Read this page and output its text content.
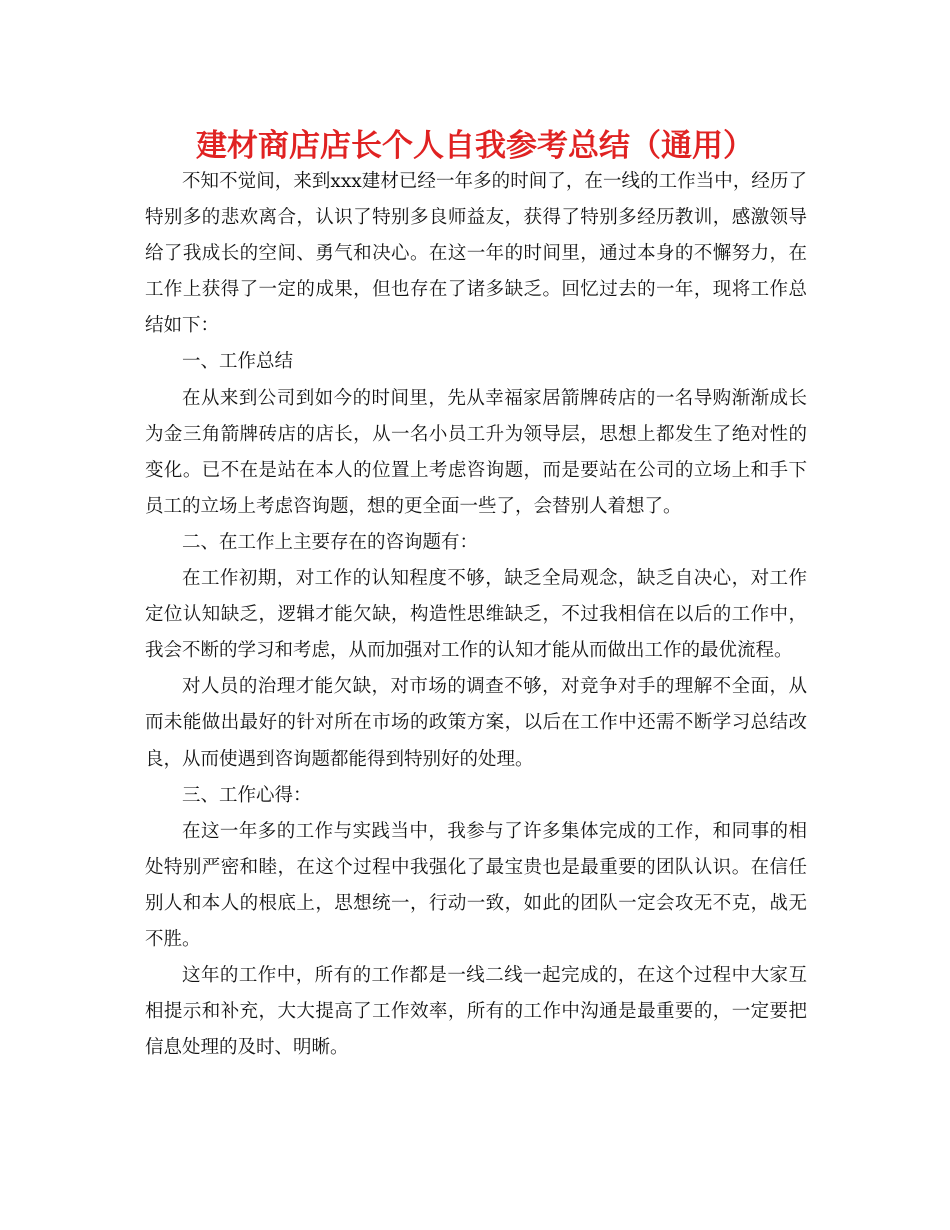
建材商店店长个人自我参考总结（通用）

不知不觉间，来到xxx建材已经一年多的时间了，在一线的工作当中，经历了特别多的悲欢离合，认识了特别多良师益友，获得了特别多经历教训，感激领导给了我成长的空间、勇气和决心。在这一年的时间里，通过本身的不懈努力，在工作上获得了一定的成果，但也存在了诸多缺乏。回忆过去的一年，现将工作总结如下：

一、工作总结

在从来到公司到如今的时间里，先从幸福家居箭牌砖店的一名导购渐渐成长为金三角箭牌砖店的店长，从一名小员工升为领导层，思想上都发生了绝对性的变化。已不在是站在本人的位置上考虑咨询题，而是要站在公司的立场上和手下员工的立场上考虑咨询题，想的更全面一些了，会替别人着想了。

二、在工作上主要存在的咨询题有：

在工作初期，对工作的认知程度不够，缺乏全局观念，缺乏自决心，对工作定位认知缺乏，逻辑才能欠缺，构造性思维缺乏，不过我相信在以后的工作中，我会不断的学习和考虑，从而加强对工作的认知才能从而做出工作的最优流程。

对人员的治理才能欠缺，对市场的调查不够，对竞争对手的理解不全面，从而未能做出最好的针对所在市场的政策方案，以后在工作中还需不断学习总结改良，从而使遇到咨询题都能得到特别好的处理。

三、工作心得：

在这一年多的工作与实践当中，我参与了许多集体完成的工作，和同事的相处特别严密和睦，在这个过程中我强化了最宝贵也是最重要的团队认识。在信任别人和本人的根底上，思想统一，行动一致，如此的团队一定会攻无不克，战无不胜。

这年的工作中，所有的工作都是一线二线一起完成的，在这个过程中大家互相提示和补充，大大提高了工作效率，所有的工作中沟通是最重要的，一定要把信息处理的及时、明晰。
